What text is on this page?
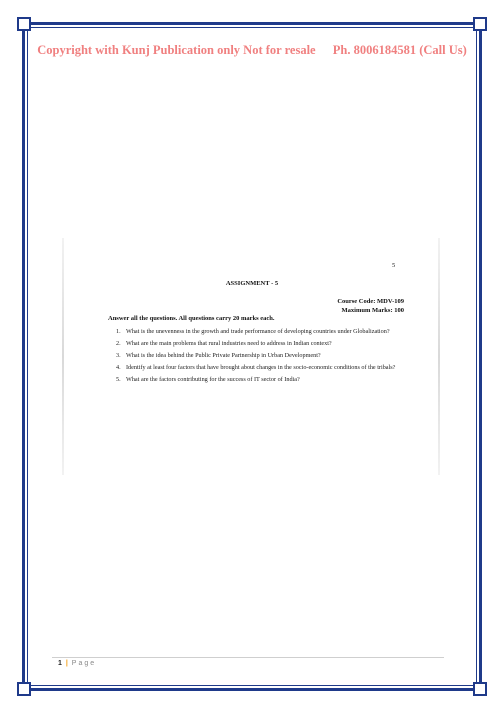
Copyright with Kunj Publication only Not for resale Ph. 8006184581 (Call Us)
5
ASSIGNMENT - 5
Course Code: MDV-109
Maximum Marks: 100
Answer all the questions. All questions carry 20 marks each.
1. What is the unevenness in the growth and trade performance of developing countries under Globalization?
2. What are the main problems that rural industries need to address in Indian context?
3. What is the idea behind the Public Private Partnership in Urban Development?
4. Identify at least four factors that have brought about changes in the socio-economic conditions of the tribals?
5. What are the factors contributing for the success of IT sector of India?
1 | Page
